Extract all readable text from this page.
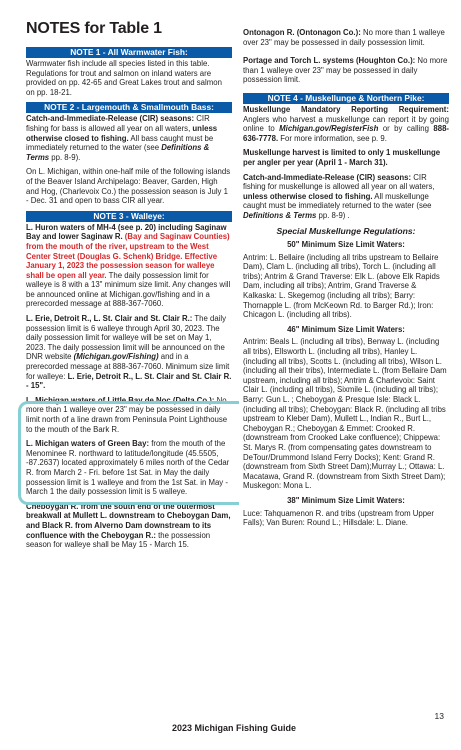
NOTES for Table 1
NOTE 1 - All Warmwater Fish:

Warmwater fish include all species listed in this table. Regulations for trout and salmon on inland waters are provided on pp. 42-65 and Great Lakes trout and salmon on pp. 18-21.

NOTE 2 - Largemouth & Smallmouth Bass:

Catch-and-Immediate-Release (CIR) seasons: CIR fishing for bass is allowed all year on all waters, unless otherwise closed to fishing. All bass caught must be immediately returned to the water (see Definitions & Terms pp. 8-9).

On L. Michigan, within one-half mile of the following islands of the Beaver Island Archipelago: Beaver, Garden, High and Hog, (Charlevoix Co.) the possession season is July 1 - Dec. 31 and open to bass CIR all year.

NOTE 3 - Walleye:

L. Huron waters of MH-4 (see p. 20) including Saginaw Bay and lower Saginaw R. (Bay and Saginaw Counties) from the mouth of the river, upstream to the West Center Street (Douglas G. Schenk) Bridge. Effective January 1, 2023 the possession season for walleye shall be open all year. The daily possession limit for walleye is 8 with a 13" minimum size limit. Any changes will be announced online at Michigan.gov/fishing and in a prerecorded message at 888-367-7060.

L. Erie, Detroit R., L. St. Clair and St. Clair R.: The daily possession limit is 6 walleye through April 30, 2023. The daily possession limit for walleye will be set on May 1, 2023. The daily possession limit will be announced on the DNR website (Michigan.gov/Fishing) and in a prerecorded message at 888-367-7060. Minimum size limit for walleye: L. Erie, Detroit R., L. St. Clair and St. Clair R. - 15".

L. Michigan waters of Little Bay de Noc (Delta Co.): No more than 1 walleye over 23" may be possessed in daily limit north of a line drawn from Peninsula Point Lighthouse to the mouth of the Bark R.

L. Michigan waters of Green Bay: from the mouth of the Menominee R. northward to latitude/longitude (45.5505, -87.2637) located approximately 6 miles north of the Cedar R. from March 2 - Fri. before 1st Sat. in May the daily possession limit is 1 walleye and from the 1st Sat. in May - March 1 the daily possession limit is 5 walleye.

Cheboygan R. from the south end of the outermost breakwall at Mullett L. downstream to Cheboygan Dam, and Black R. from Alverno Dam downstream to its confluence with the Cheboygan R.: the possession season for walleye shall be May 15 - March 15.

Ontonagon R. (Ontonagon Co.): No more than 1 walleye over 23" may be possessed in daily possession limit.

Portage and Torch L. systems (Houghton Co.): No more than 1 walleye over 23" may be possessed in daily possession limit.

NOTE 4 - Muskellunge & Northern Pike:

Muskellunge Mandatory Reporting Requirement: Anglers who harvest a muskellunge can report it by going online to Michigan.gov/RegisterFish or by calling 888-636-7778. For more information, see p. 9.

Muskellunge harvest is limited to only 1 muskellunge per angler per year (April 1 - March 31).

Catch-and-Immediate-Release (CIR) seasons: CIR fishing for muskellunge is allowed all year on all waters, unless otherwise closed to fishing. All muskellunge caught must be immediately returned to the water (see Definitions & Terms pp. 8-9) .

Special Muskellunge Regulations:
50" Minimum Size Limit Waters:

Antrim: L. Bellaire (including all tribs upstream to Bellaire Dam), Clam L. (including all tribs), Torch L. (including all tribs); Antrim & Grand Traverse: Elk L. (above Elk Rapids Dam, including all tribs); Antrim, Grand Traverse & Kalkaska: L. Skegemog (including all tribs); Barry: Thornapple L. (from McKeown Rd. to Barger Rd.); Iron: Chicagon L. (including all tribs).

46" Minimum Size Limit Waters:

Antrim: Beals L. (including all tribs), Benway L. (including all tribs), Ellsworth L. (including all tribs), Hanley L. (including all tribs), Scotts L. (including all tribs), Wilson L. (including all their tribs), Intermediate L. (from Bellaire Dam upstream, including all tribs); Antrim & Charlevoix: Saint Clair L. (including all tribs), Sixmile L. (including all tribs); Barry: Gun L. ; Cheboygan & Presque Isle: Black L. (including all tribs); Cheboygan: Black R. (including all tribs upstream to Kleber Dam), Mullett L., Indian R., Burt L., Cheboygan R.; Cheboygan & Emmet: Crooked R. (downstream from Crooked Lake confluence); Chippewa: St. Marys R. (from compensating gates downstream to DeTour/Drummond Island Ferry Docks); Kent: Grand R. (downstream from Sixth Street Dam);Murray L.; Ottawa: L. Macatawa, Grand R. (downstream from Sixth Street Dam); Muskegon: Mona L.

38" Minimum Size Limit Waters:

Luce: Tahquamenon R. and tribs (upstream from Upper Falls); Van Buren: Round L.; Hillsdale: L. Diane.

13
2023 Michigan Fishing Guide
